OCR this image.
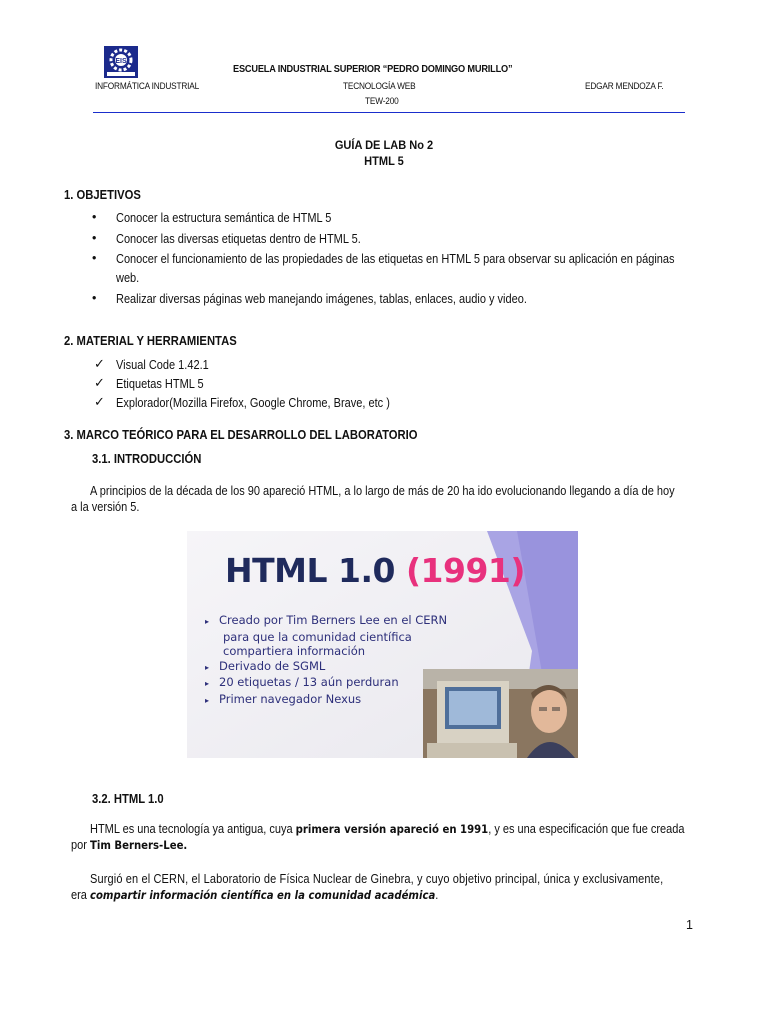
EIS
ESCUELA INDUSTRIAL SUPERIOR “PEDRO DOMINGO MURILLO”
INFORMÁTICA INDUSTRIAL	TECNOLOGÍA WEB	EDGAR MENDOZA F.
TEW-200
GUÍA DE LAB No 2
HTML 5
1. OBJETIVOS
• Conocer la estructura semántica de HTML 5
• Conocer las diversas etiquetas dentro de HTML 5.
• Conocer el funcionamiento de las propiedades de las etiquetas en HTML 5 para observar su aplicación en páginas
web.
• Realizar diversas páginas web manejando imágenes, tablas, enlaces, audio y video.
2. MATERIAL Y HERRAMIENTAS
✓ Visual Code 1.42.1
✓ Etiquetas HTML 5
✓ Explorador(Mozilla Firefox, Google Chrome, Brave, etc )
3. MARCO TEÓRICO PARA EL DESARROLLO DEL LABORATORIO
3.1. INTRODUCCIÓN
A principios de la década de los 90 apareció HTML, a lo largo de más de 20 ha ido evolucionando llegando a día de hoy
a la versión 5.
HTML 1.0 (1991)
▸ Creado por Tim Berners Lee en el CERN
para que la comunidad científica
compartiera información
▸ Derivado de SGML
▸ 20 etiquetas / 13 aún perduran
▸ Primer navegador Nexus
3.2. HTML 1.0
HTML es una tecnología ya antigua, cuya primera versión apareció en 1991, y es una especificación que fue creada
por Tim Berners-Lee.
Surgió en el CERN, el Laboratorio de Física Nuclear de Ginebra, y cuyo objetivo principal, única y exclusivamente,
era compartir información científica en la comunidad académica.
1
